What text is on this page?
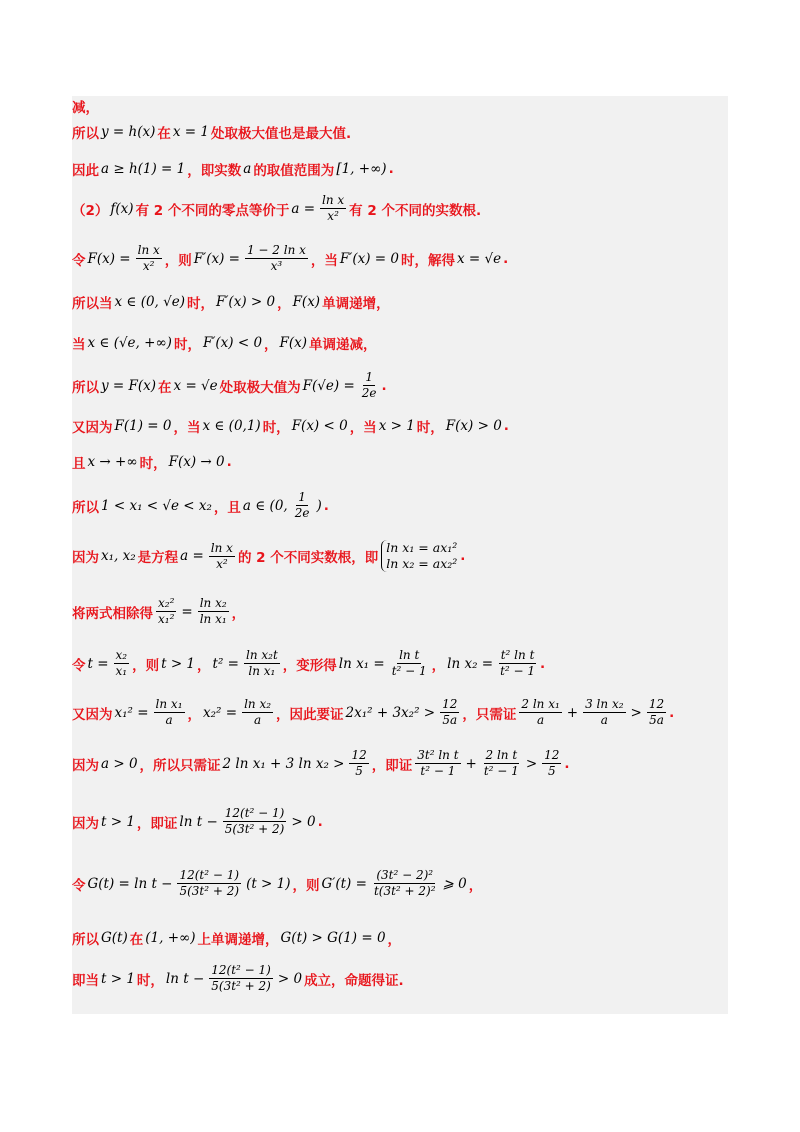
减，
所以 y = h(x) 在 x = 1 处取极大值也是最大值.
因此 a ≥ h(1) = 1 ，即实数 a 的取值范围为 [1, +∞) .
（2） f(x) 有 2 个不同的零点等价于 $a = \frac{\text{ln x}}{\text{x²}}$ 有 2 个不同的实数根.
令 $F(x) = \frac{\text{ln x}}{\text{x²}}$ ，则 $F'(x) = \frac{\text{1 − 2 ln x}}{\text{x³}}$ ，当 F′(x) = 0 时，解得 x = √e .
所以当 x ∈ (0, √e) 时， F′(x) > 0 ， F(x) 单调递增，
当 x ∈ (√e, +∞) 时， F′(x) < 0 ， F(x) 单调递减，
所以 y = F(x) 在 x = √e 处取极大值为 $F(√e) = \frac{1}{2e}$ .
又因为 F(1) = 0 ，当 x ∈ (0,1) 时， F(x) < 0 ，当 x > 1 时， F(x) > 0 .
且 x → +∞ 时， F(x) → 0 .
所以 1 < x₁ < √e < x₂ ，且 a ∈ (0, $\frac{1}{2e}$ ) .
因为 x₁, x₂ 是方程 $a = \frac{\text{ln x}}{\text{x²}}$ 的 2 个不同实数根，即
ln x₁ = ax₁²
ln x₂ = ax₂² .
将两式相除得 $\frac{\text{x₂²}}{\text{x₁²}} = \frac{\text{ln x₂}}{\text{ln x₁}}$ ，
令 $t = \frac{\text{x₂}}{\text{x₁}}$ ，则 t > 1 ， $t^2 = \frac{\text{ln x₂t}}{\text{ln x₁}}$ ，变形得 $\ln x_1 = \frac{\text{ln t}}{\text{t² − 1}}$ ， $\ln x_2 = \frac{\text{t² ln t}}{\text{t² − 1}}$ .
又因为 $x_1^2 = \frac{\text{ln x₁}}{a}$ ， $x_2^2 = \frac{\text{ln x₂}}{a}$ ，因此要证 $2x_1^2 + 3x_2^2 > \frac{12}{5a}$ ，只需证 $\frac{\text{2 ln x₁}}{a} + \frac{\text{3 ln x₂}}{a} > \frac{12}{5a}$ .
因为 a > 0 ，所以只需证 2 ln x₁ + 3 $\ln x_2 > \frac{12}{5}$ ，即证 $\frac{\text{3t² ln t}}{\text{t² − 1}} + \frac{\text{2 ln t}}{\text{t² − 1}} > \frac{12}{5}$ .
因为 t > 1 ，即证 $\ln t - \frac{\text{12(t² − 1)}}{\text{5(3t² + 2)}} > 0$ .
令 $G(t) = \ln t - \frac{\text{12(t² − 1)}}{\text{5(3t² + 2)}} (t > 1)$ ，则 $G'(t) = \frac{\text{(3t² − 2)²}}{\text{t(3t² + 2)²}}$ ⩾ 0 ，
所以 G(t) 在 (1, +∞) 上单调递增， G(t) > G(1) = 0 ，
即当 t > 1 时， $\ln t - \frac{\text{12(t² − 1)}}{\text{5(3t² + 2)}} > 0$ 成立，命题得证.
